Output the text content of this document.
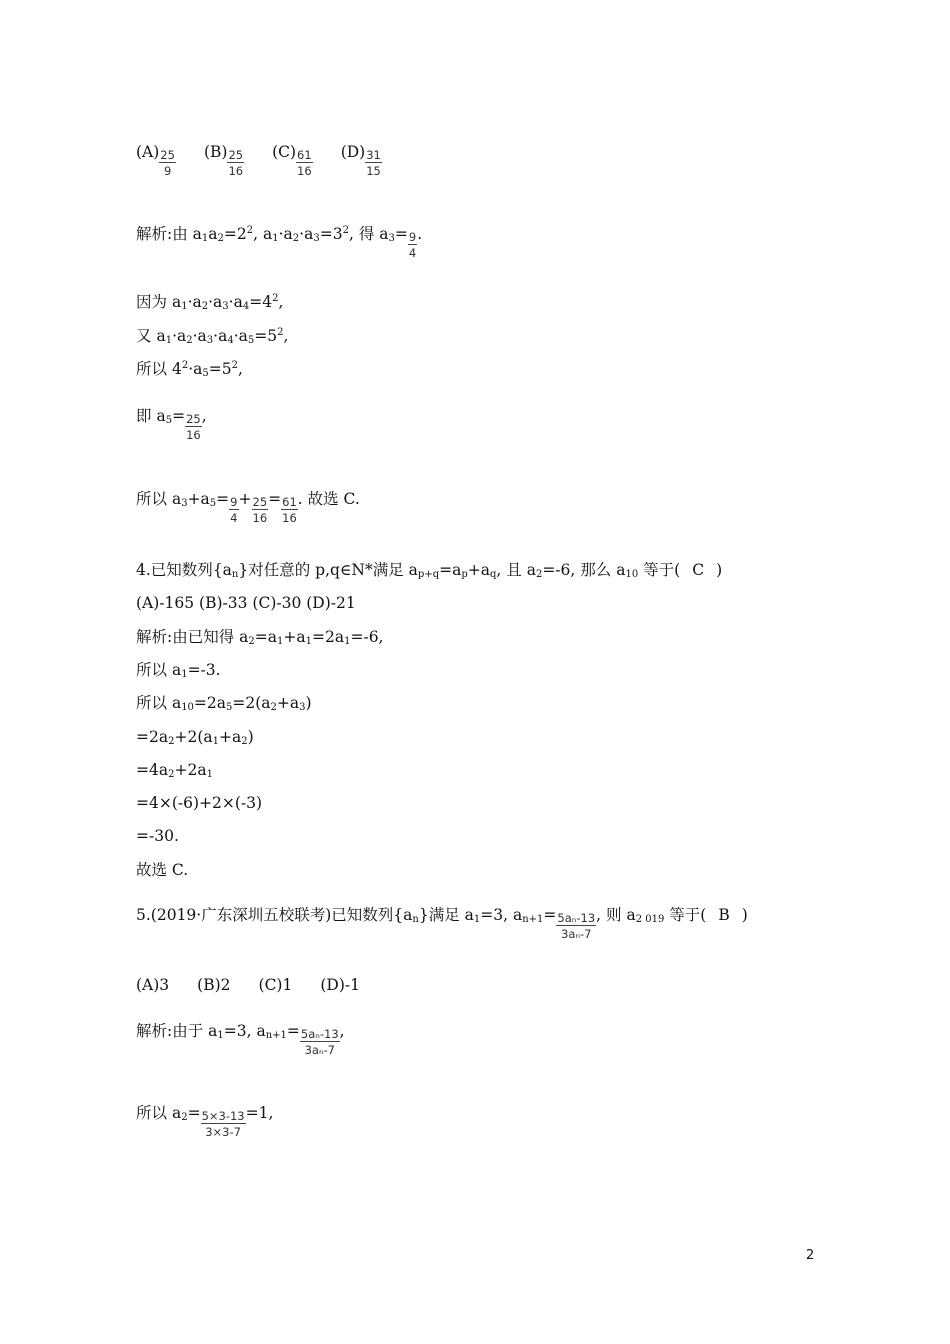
$(A) \frac{25}{9} (B) \frac{25}{16} (C) \frac{61}{16} (D) \frac{31}{15}$
解析:由 $a_1a_2=2^2$, $a_1\cdot a_2\cdot a_3=3^2$, 得 $a_3= \frac{9}{4}$ .
因为 $a_1\cdot a_2\cdot a_3\cdot a_4=4^2$,
又 $a_1\cdot a_2\cdot a_3\cdot a_4\cdot a_5=5^2$,
所以 $4^2\cdot a_5=5^2$,
即 $a_5= \frac{25}{16}$ ,
所以 $a_3+a_5= \frac{9}{4} + \frac{25}{16} = \frac{61}{16}$ . 故选 C.
4.已知数列$\{a_n\}$对任意的 p,q∈N*满足 $a_{p+q}=a_p+a_q$, 且 $a_2=-6$, 那么 $a_{10}$ 等于( C )
(A)-165 (B)-33 (C)-30 (D)-21
解析:由已知得 $a_2=a_1+a_1=2a_1=-6$,
所以 $a_1=-3$.
所以 $a_{10}=2a_5=2(a_2+a_3)$
$=2a_2+2(a_1+a_2)$
$=4a_2+2a_1$
=4×(-6)+2×(-3)
=-30.
故选 C.
5.(2019·广东深圳五校联考)已知数列$\{a_n\}$满足 $a_1=3$, $a_{n+1}= \frac{\text{5aₙ-13}}{\text{3aₙ-7}}$ , 则 $a_{2 019}$ 等于( B )
(A)3 (B)2 (C)1 (D)-1
解析:由于 $a_1=3$, $a_{n+1}= \frac{\text{5aₙ-13}}{\text{3aₙ-7}}$ ,
所以 $a_2= \frac{5\times 3-13}{3\times 3-7} =1$,
2
